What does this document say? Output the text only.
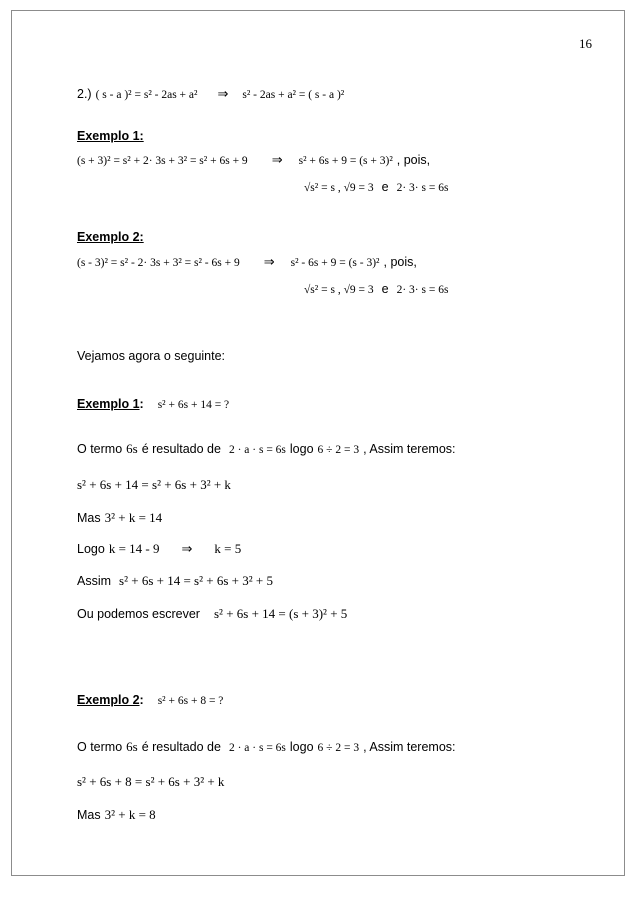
16
2.) ( s - a )² = s² - 2as + a² ⇒ s² - 2as + a² = ( s - a )²
Exemplo 1:
(s + 3)² = s² + 2· 3s + 3² = s² + 6s + 9 ⇒ s² + 6s + 9 = (s + 3)² , pois,
√s² = s , √9 = 3 e 2· 3· s = 6s
Exemplo 2:
(s - 3)² = s² - 2· 3s + 3² = s² - 6s + 9 ⇒ s² - 6s + 9 = (s - 3)² , pois,
√s² = s , √9 = 3 e 2· 3· s = 6s
Vejamos agora o seguinte:
Exemplo 1 : s² + 6s + 14 = ?
O termo 6s é resultado de 2 · a · s = 6s logo 6 ÷ 2 = 3 , Assim teremos:
s² + 6s + 14 = s² + 6s + 3² + k
Mas 3² + k = 14
Logo k = 14 - 9 ⇒ k = 5
Assim s² + 6s + 14 = s² + 6s + 3² + 5
Ou podemos escrever s² + 6s + 14 = (s + 3)² + 5
Exemplo 2 : s² + 6s + 8 = ?
O termo 6s é resultado de 2 · a · s = 6s logo 6 ÷ 2 = 3 , Assim teremos:
s² + 6s + 8 = s² + 6s + 3² + k
Mas 3² + k = 8
